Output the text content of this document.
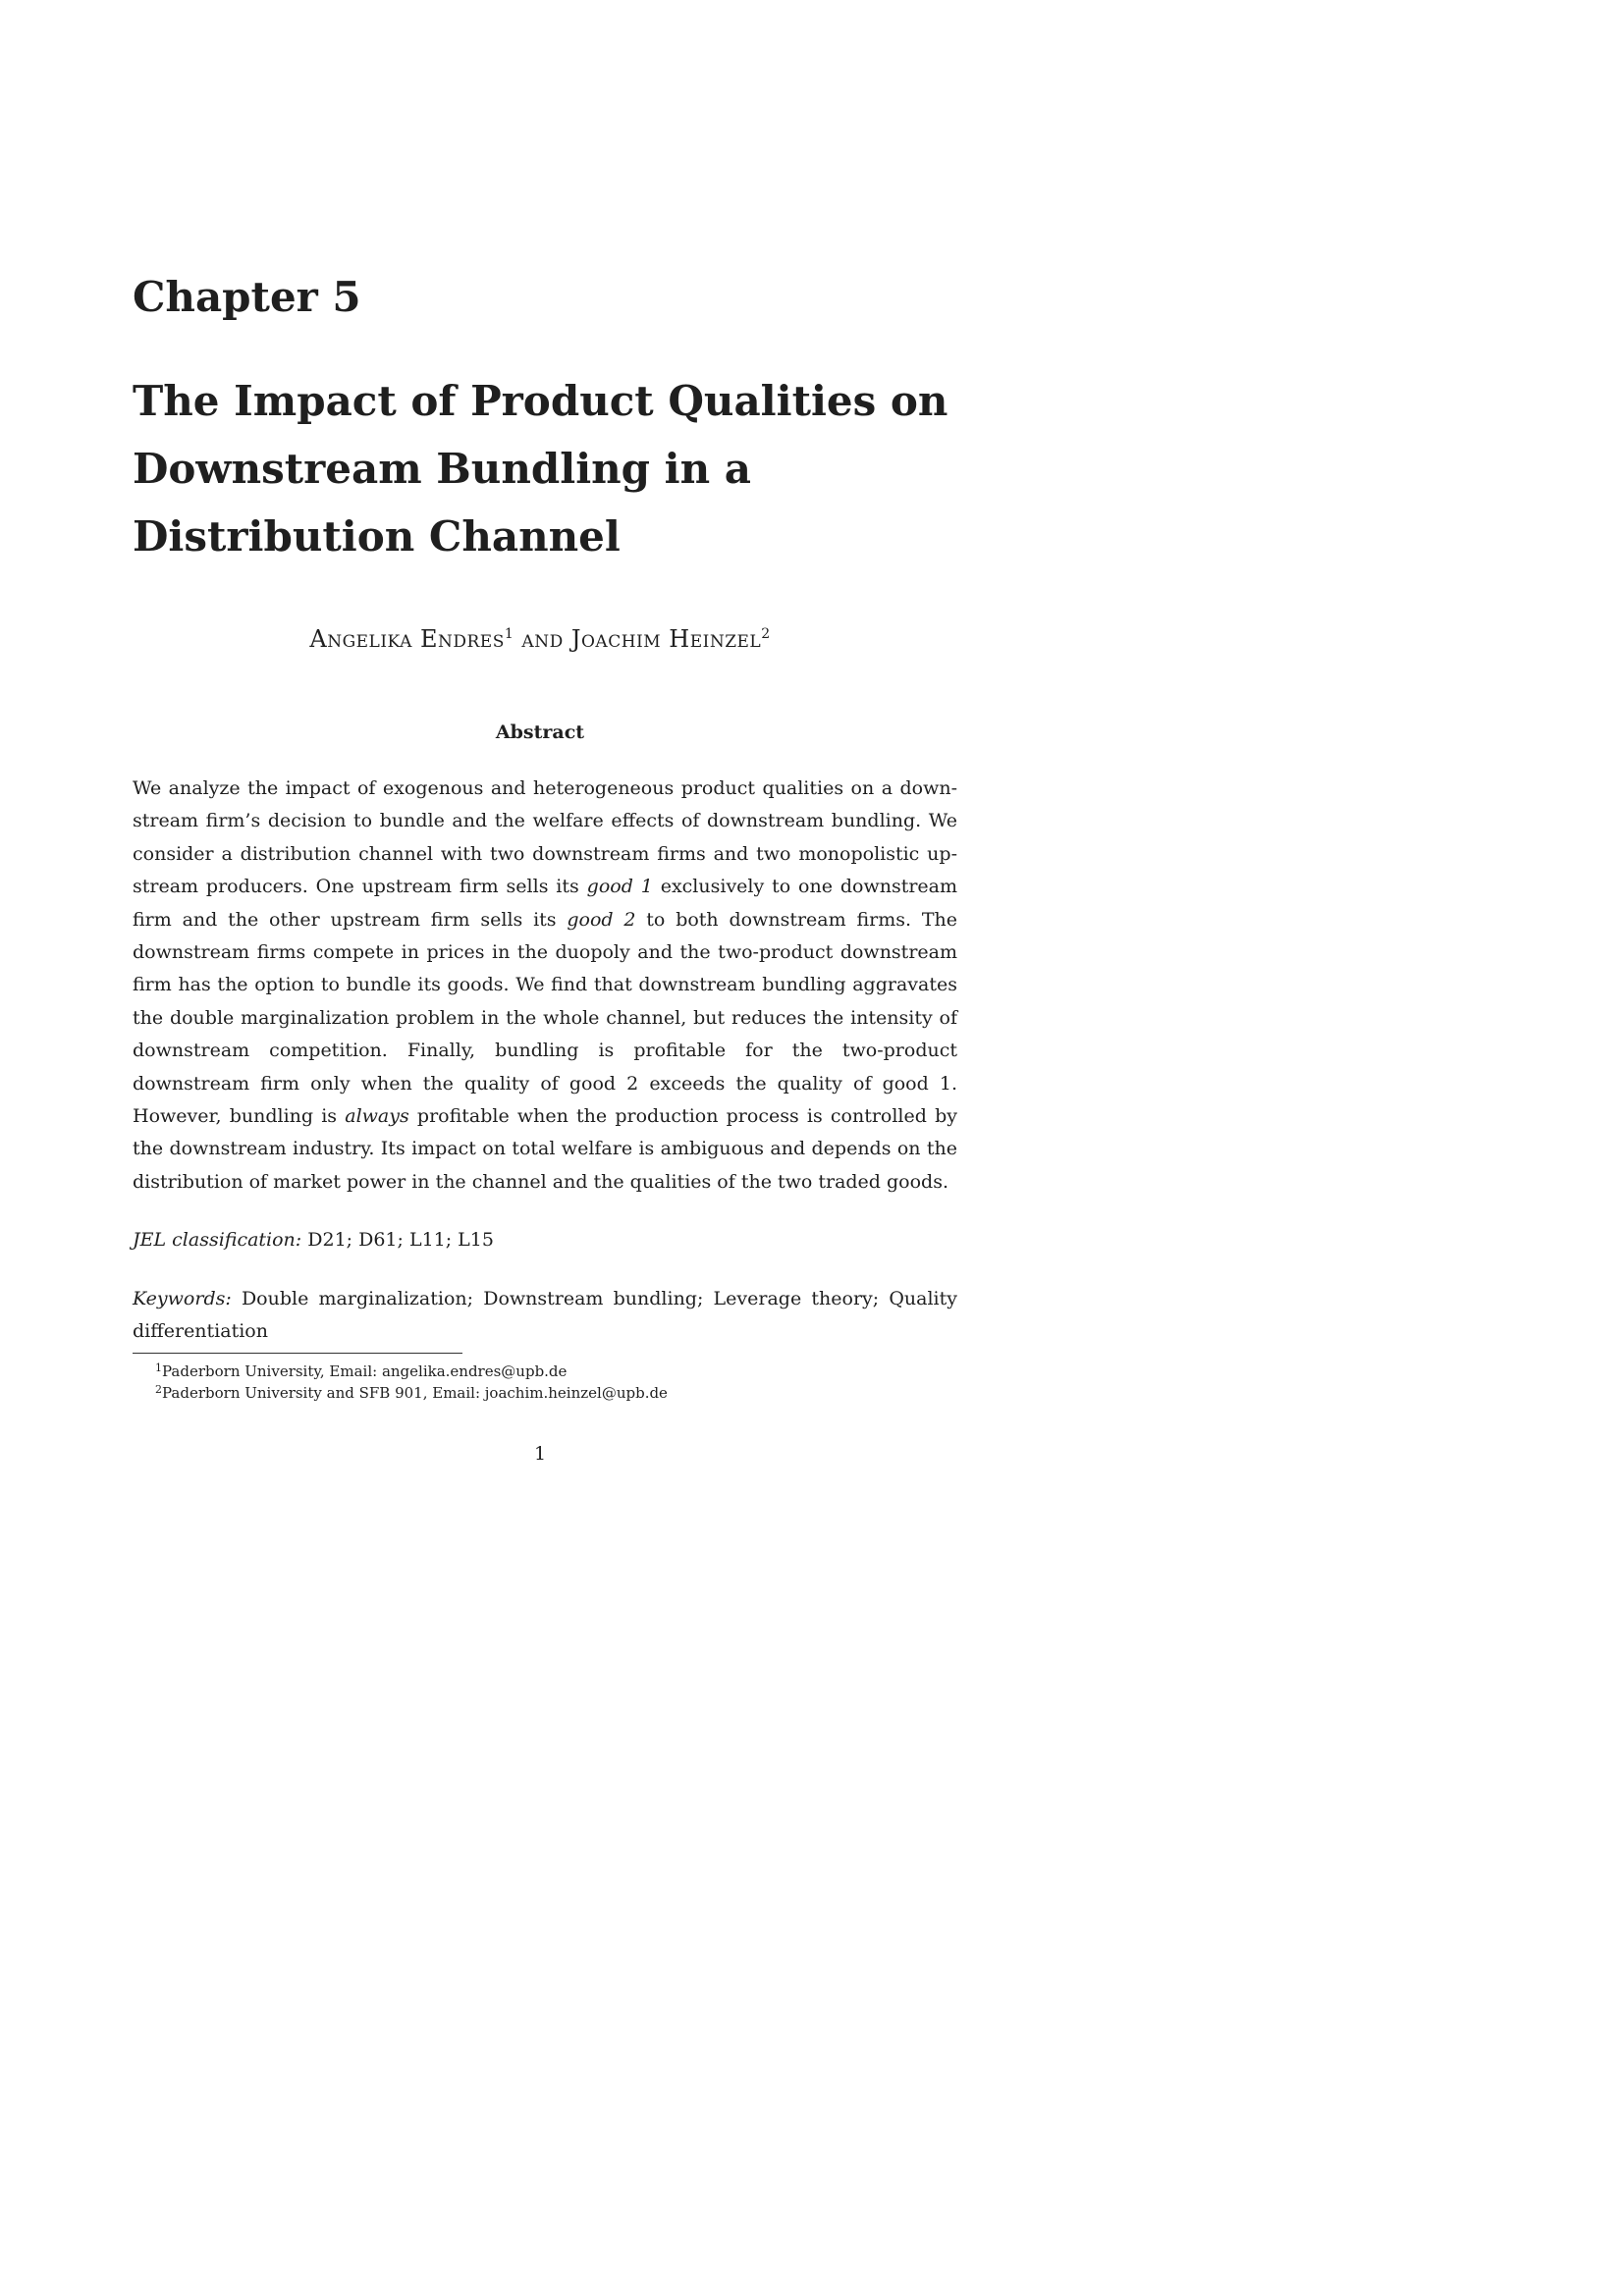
Chapter 5
The Impact of Product Qualities on
Downstream Bundling in a
Distribution Channel
Angelika Endres$^1$ and Joachim Heinzel$^2$
Abstract

We analyze the impact of exogenous and heterogeneous product qualities on a downstream firm’s decision to bundle and the welfare effects of downstream bundling. We consider a distribution channel with two downstream firms and two monopolistic upstream producers. One upstream firm sells its good 1 exclusively to one downstream firm and the other upstream firm sells its good 2 to both downstream firms. The downstream firms compete in prices in the duopoly and the two-product downstream firm has the option to bundle its goods. We find that downstream bundling aggravates the double marginalization problem in the whole channel, but reduces the intensity of downstream competition. Finally, bundling is profitable for the two-product downstream firm only when the quality of good 2 exceeds the quality of good 1. However, bundling is always profitable when the production process is controlled by the downstream industry. Its impact on total welfare is ambiguous and depends on the distribution of market power in the channel and the qualities of the two traded goods.

JEL classification: D21; D61; L11; L15

Keywords: Double marginalization; Downstream bundling; Leverage theory; Quality differentiation

$^1$Paderborn University, Email: angelika.endres@upb.de

$^2$Paderborn University and SFB 901, Email: joachim.heinzel@upb.de

1
